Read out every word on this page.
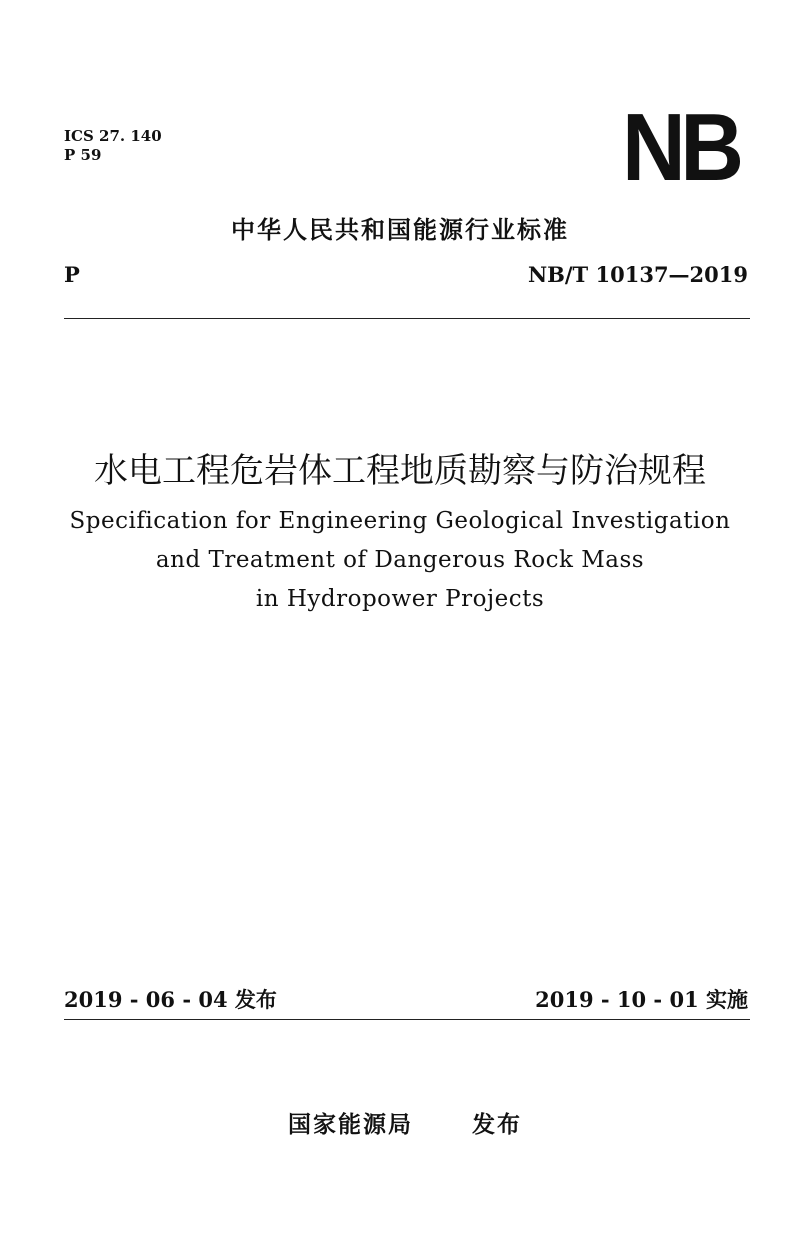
ICS 27. 140
P 59	NB
中华人民共和国能源行业标准
P	NB/T 10137—2019
水电工程危岩体工程地质勘察与防治规程
Specification for Engineering Geological Investigation
and Treatment of Dangerous Rock Mass
in Hydropower Projects
2019 - 06 - 04 发布	2019 - 10 - 01 实施
国家能源局	发布
